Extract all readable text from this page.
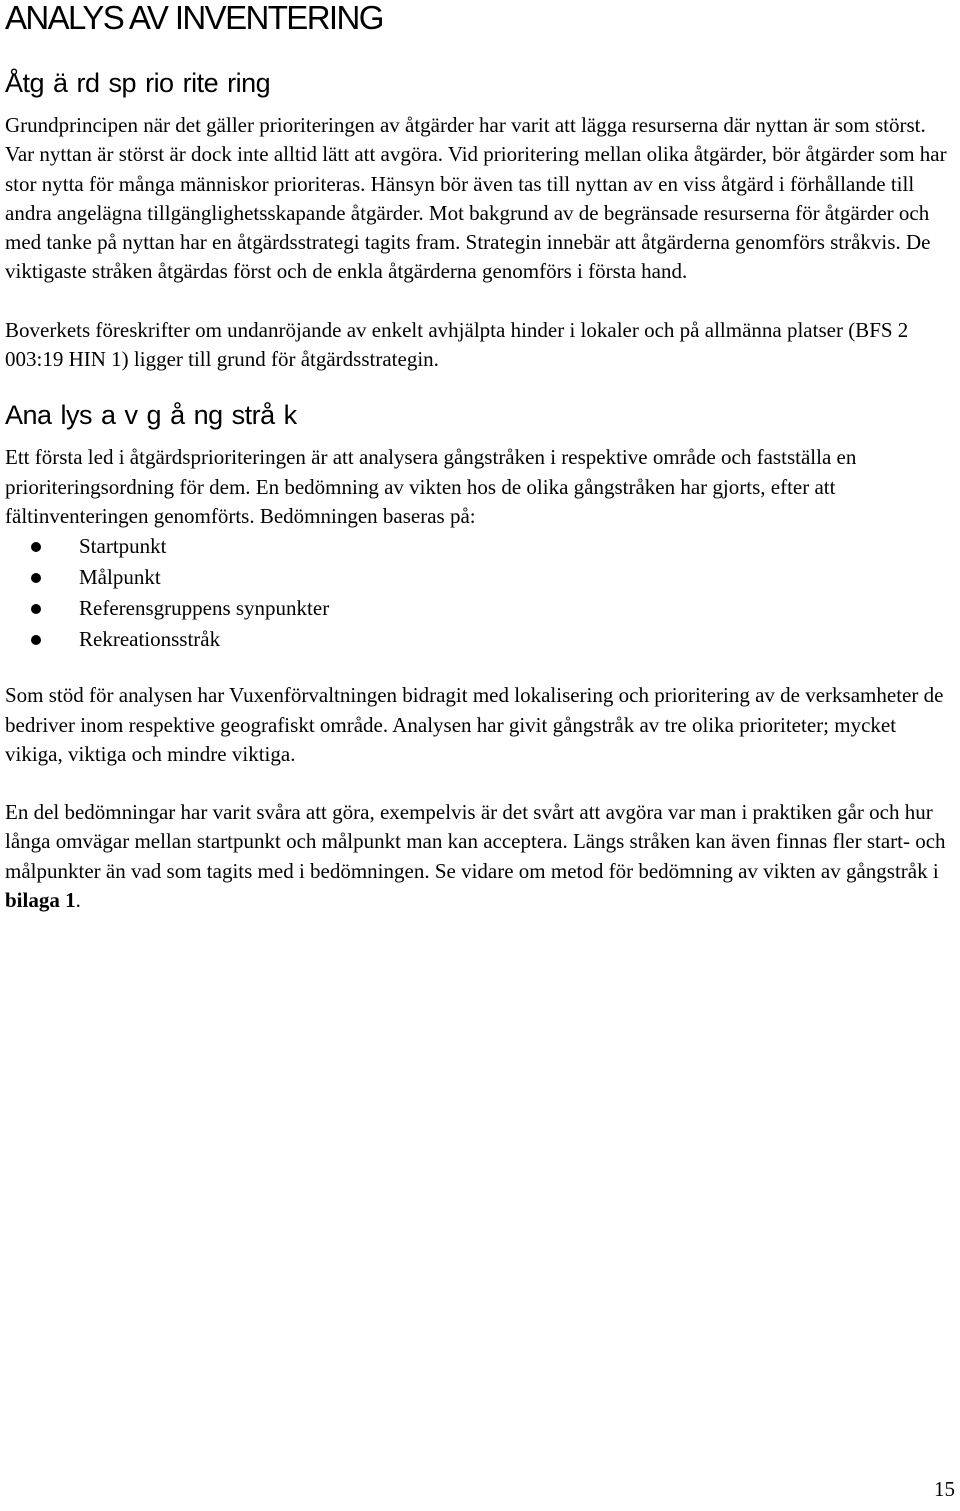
ANALYS AV INVENTERING
Åtg ä rd sp rio rite ring

Grundprincipen när det gäller prioriteringen av åtgärder har varit att lägga resurserna där nyttan är som störst. Var nyttan är störst är dock inte alltid lätt att avgöra. Vid prioritering mellan olika åtgärder, bör åtgärder som har stor nytta för många människor prioriteras. Hänsyn bör även tas till nyttan av en viss åtgärd i förhållande till andra angelägna tillgänglighetsskapande åtgärder. Mot bakgrund av de begränsade resurserna för åtgärder och med tanke på nyttan har en åtgärdsstrategi tagits fram. Strategin innebär att åtgärderna genomförs stråkvis. De viktigaste stråken åtgärdas först och de enkla åtgärderna genomförs i första hand.

Boverkets föreskrifter om undanröjande av enkelt avhjälpta hinder i lokaler och på allmänna platser (BFS 2 003:19 HIN 1) ligger till grund för åtgärdsstrategin.

Ana lys a v g å ng strå k

Ett första led i åtgärdsprioriteringen är att analysera gångstråken i respektive område och fastställa en prioriteringsordning för dem. En bedömning av vikten hos de olika gångstråken har gjorts, efter att fältinventeringen genomförts. Bedömningen baseras på:

Startpunkt
Målpunkt
Referensgruppens synpunkter
Rekreationsstråk

Som stöd för analysen har Vuxenförvaltningen bidragit med lokalisering och prioritering av de verksamheter de bedriver inom respektive geografiskt område. Analysen har givit gångstråk av tre olika prioriteter; mycket vikiga, viktiga och mindre viktiga.

En del bedömningar har varit svåra att göra, exempelvis är det svårt att avgöra var man i praktiken går och hur långa omvägar mellan startpunkt och målpunkt man kan acceptera. Längs stråken kan även finnas fler start- och målpunkter än vad som tagits med i bedömningen. Se vidare om metod för bedömning av vikten av gångstråk i bilaga 1.

15
